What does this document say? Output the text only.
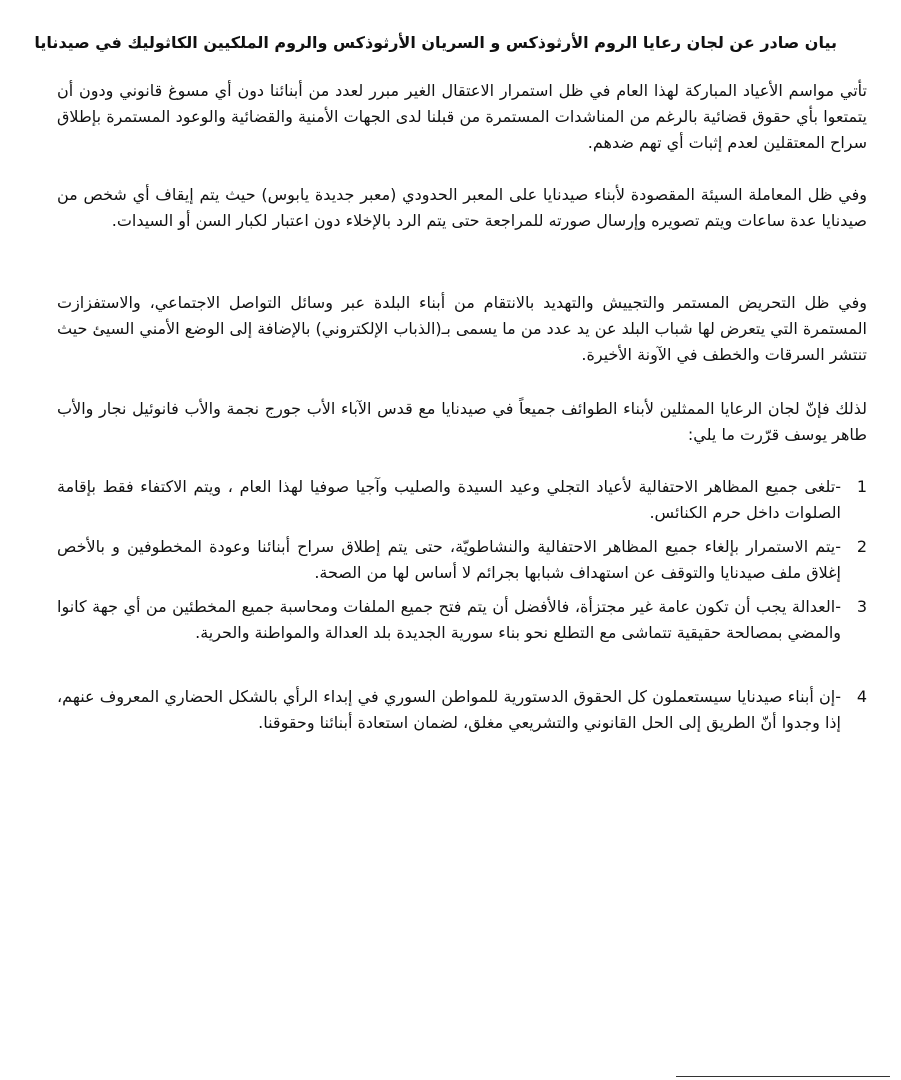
بيان صادر عن لجان رعايا الروم الأرثوذكس و السريان الأرثوذكس والروم الملكيين الكاثوليك في صيدنايا
تأتي مواسم الأعياد المباركة لهذا العام في ظل استمرار الاعتقال الغير مبرر لعدد من أبنائنا دون أي مسوغ قانوني ودون أن يتمتعوا بأي حقوق قضائية بالرغم من المناشدات المستمرة من قبلنا لدى الجهات الأمنية والقضائية والوعود المستمرة بإطلاق سراح المعتقلين لعدم إثبات أي تهم ضدهم.
وفي ظل المعاملة السيئة المقصودة لأبناء صيدنايا على المعبر الحدودي (معبر جديدة يابوس) حيث يتم إيقاف أي شخص من صيدنايا عدة ساعات ويتم تصويره وإرسال صورته للمراجعة حتى يتم الرد بالإخلاء دون اعتبار لكبار السن أو السيدات.
وفي ظل التحريض المستمر والتجييش والتهديد بالانتقام من أبناء البلدة عبر وسائل التواصل الاجتماعي، والاستفزازت المستمرة التي يتعرض لها شباب البلد عن يد عدد من ما يسمى بـ(الذباب الإلكتروني) بالإضافة إلى الوضع الأمني السيئ حيث تنتشر السرقات والخطف في الآونة الأخيرة.
لذلك فإنّ لجان الرعايا الممثلين لأبناء الطوائف جميعاً في صيدنايا مع قدس الآباء الأب جورج نجمة والأب فانوئيل نجار والأب طاهر يوسف قرّرت ما يلي:
1
-تلغى جميع المظاهر الاحتفالية لأعياد التجلي وعيد السيدة والصليب وآجيا صوفيا لهذا العام ، ويتم الاكتفاء فقط بإقامة الصلوات داخل حرم الكنائس.
2
-يتم الاستمرار بإلغاء جميع المظاهر الاحتفالية والنشاطويّة، حتى يتم إطلاق سراح أبنائنا وعودة المخطوفين و بالأخص إغلاق ملف صيدنايا والتوقف عن استهداف شبابها بجرائم لا أساس لها من الصحة.
3
-العدالة يجب أن تكون عامة غير مجتزأة، فالأفضل أن يتم فتح جميع الملفات ومحاسبة جميع المخطئين من أي جهة كانوا والمضي بمصالحة حقيقية تتماشى مع التطلع نحو بناء سورية الجديدة بلد العدالة والمواطنة والحرية.
4
-إن أبناء صيدنايا سيستعملون كل الحقوق الدستورية للمواطن السوري في إبداء الرأي بالشكل الحضاري المعروف عنهم، إذا وجدوا أنّ الطريق إلى الحل القانوني والتشريعي مغلق، لضمان استعادة أبنائنا وحقوقنا.
